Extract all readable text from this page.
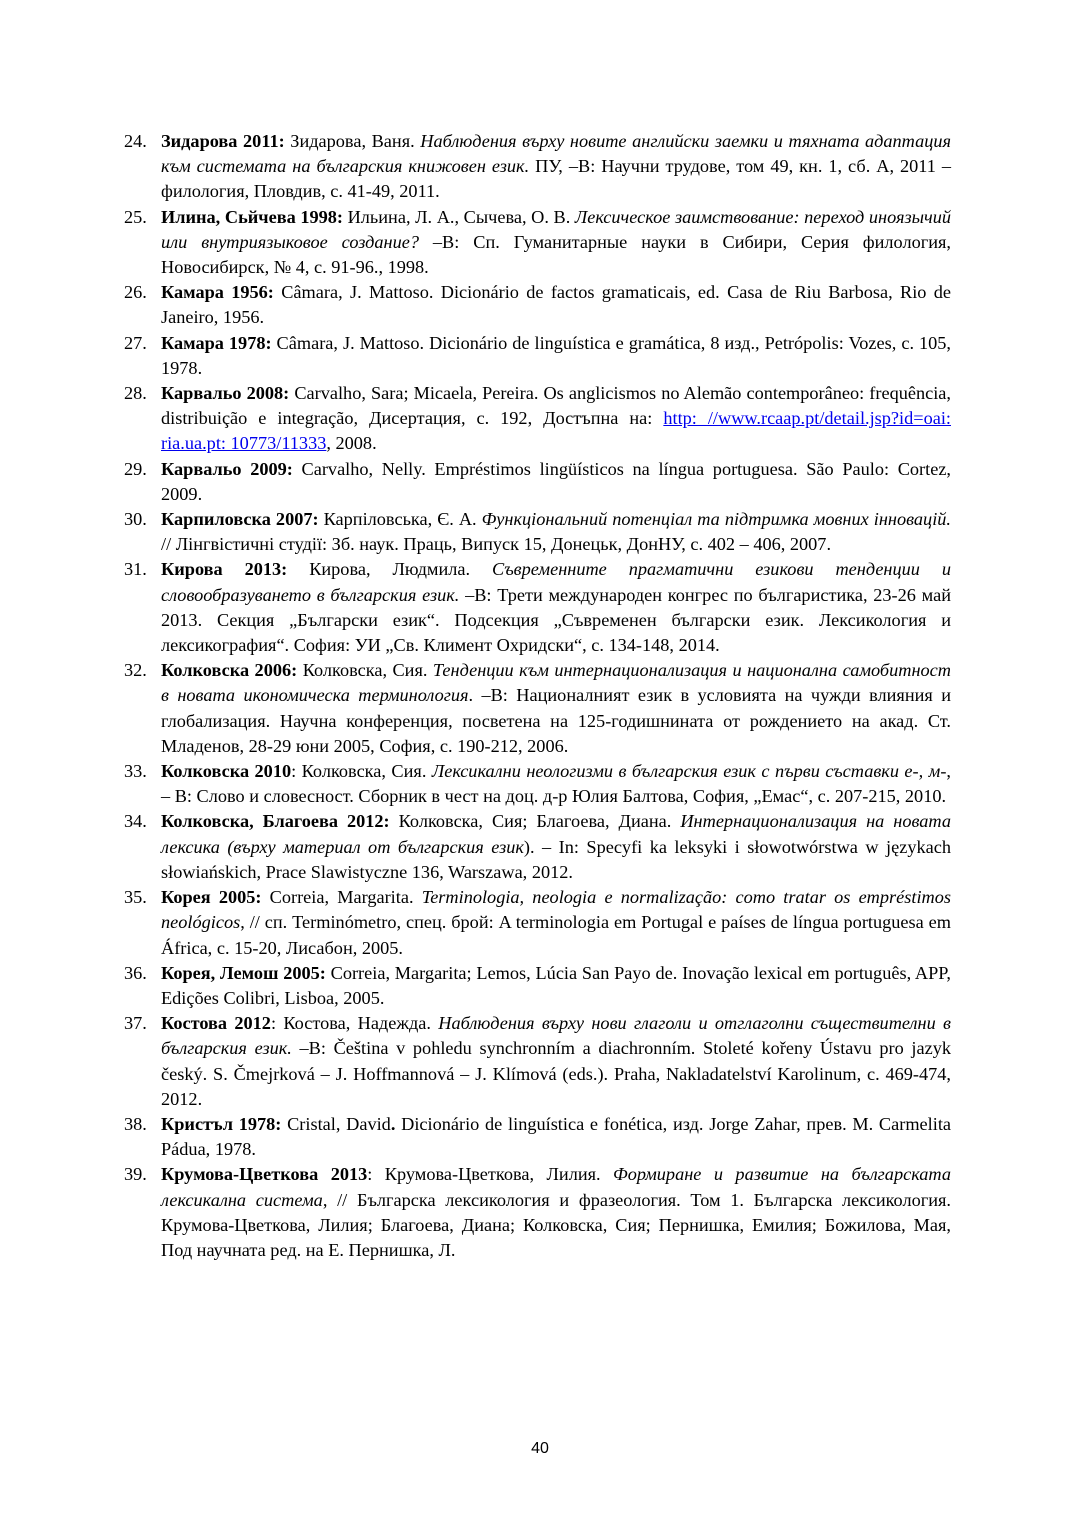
24. Зидарова 2011: Зидарова, Ваня. Наблюдения върху новите английски заемки и тяхната адаптация към системата на българския книжовен език. ПУ, –В: Научни трудове, том 49, кн. 1, сб. А, 2011 – филология, Пловдив, с. 41-49, 2011.
25. Илина, Сьйчева 1998: Ильина, Л. А., Сычева, О. В. Лексическое заимствование: переход иноязычий или внутриязыковое создание? –В: Сп. Гуманитарные науки в Сибири, Серия филология, Новосибирск, № 4, с. 91-96., 1998.
26. Камара 1956: Câmara, J. Mattoso. Dicionário de factos gramaticais, ed. Casa de Riu Barbosa, Rio de Janeiro, 1956.
27. Камара 1978: Câmara, J. Mattoso. Dicionário de linguística e gramática, 8 изд., Petrópolis: Vozes, с. 105, 1978.
28. Карвальо 2008: Carvalho, Sara; Micaela, Pereira. Os anglicismos no Alemão contemporâneo: frequência, distribuição e integração, Дисертация, с. 192, Достъпна на: http: //www.rcaap.pt/detail.jsp?id=oai: ria.ua.pt: 10773/11333, 2008.
29. Карвальо 2009: Carvalho, Nelly. Empréstimos lingüísticos na língua portuguesa. São Paulo: Cortez, 2009.
30. Карпиловска 2007: Карпіловська, Є. А. Функціональний потенціал та підтримка мовних інновацій. // Лінгвістичні студії: Зб. наук. Праць, Випуск 15, Донецьк, ДонНУ, с. 402 – 406, 2007.
31. Кирова 2013: Кирова, Людмила. Съвременните прагматични езикови тенденции и словообразуването в българския език. –В: Трети международен конгрес по българистика, 23-26 май 2013. Секция „Български език“. Подсекция „Съвременен български език. Лексикология и лексикография“. София: УИ „Св. Климент Охридски“, с. 134-148, 2014.
32. Колковска 2006: Колковска, Сия. Тенденции към интернационализация и национална самобитност в новата икономическа терминология. –В: Националният език в условията на чужди влияния и глобализация. Научна конференция, посветена на 125-годишнината от рождението на акад. Ст. Младенов, 28-29 юни 2005, София, с. 190-212, 2006.
33. Колковска 2010: Колковска, Сия. Лексикални неологизми в българския език с първи съставки е-, м-, – В: Слово и словесност. Сборник в чест на доц. д-р Юлия Балтова, София, „Емас“, с. 207-215, 2010.
34. Колковска, Благоева 2012: Колковска, Сия; Благоева, Диана. Интернационализация на новата лексика (върху материал от българския език). – In: Specyfi ka leksyki i słowotwórstwa w językach słowiańskich, Prace Slawistyczne 136, Warszawa, 2012.
35. Корея 2005: Correia, Margarita. Terminologia, neologia e normalização: como tratar os empréstimos neológicos, // сп. Terminómetro, спец. брой: A terminologia em Portugal e países de língua portuguesa em África, с. 15-20, Лисабон, 2005.
36. Корея, Лемош 2005: Correia, Margarita; Lemos, Lúcia San Payo de. Inovação lexical em português, APP, Edições Colibri, Lisboa, 2005.
37. Костова 2012: Костова, Надежда. Наблюдения върху нови глаголи и отглаголни съществителни в българския език. –В: Čeština v pohledu synchronním a diachronním. Stoleté kořeny Ústavu pro jazyk český. S. Čmejrková – J. Hoffmannová – J. Klímová (eds.). Praha, Nakladatelství Karolinum, с. 469-474, 2012.
38. Кристъл 1978: Cristal, David. Dicionário de linguística e fonética, изд. Jorge Zahar, прев. M. Carmelita Pádua, 1978.
39. Крумова-Цветкова 2013: Крумова-Цветкова, Лилия. Формиране и развитие на българската лексикална система, // Българска лексикология и фразеология. Том 1. Българска лексикология. Крумова-Цветкова, Лилия; Благоева, Диана; Колковска, Сия; Пернишка, Емилия; Божилова, Мая, Под научната ред. на Е. Пернишка, Л.
40
